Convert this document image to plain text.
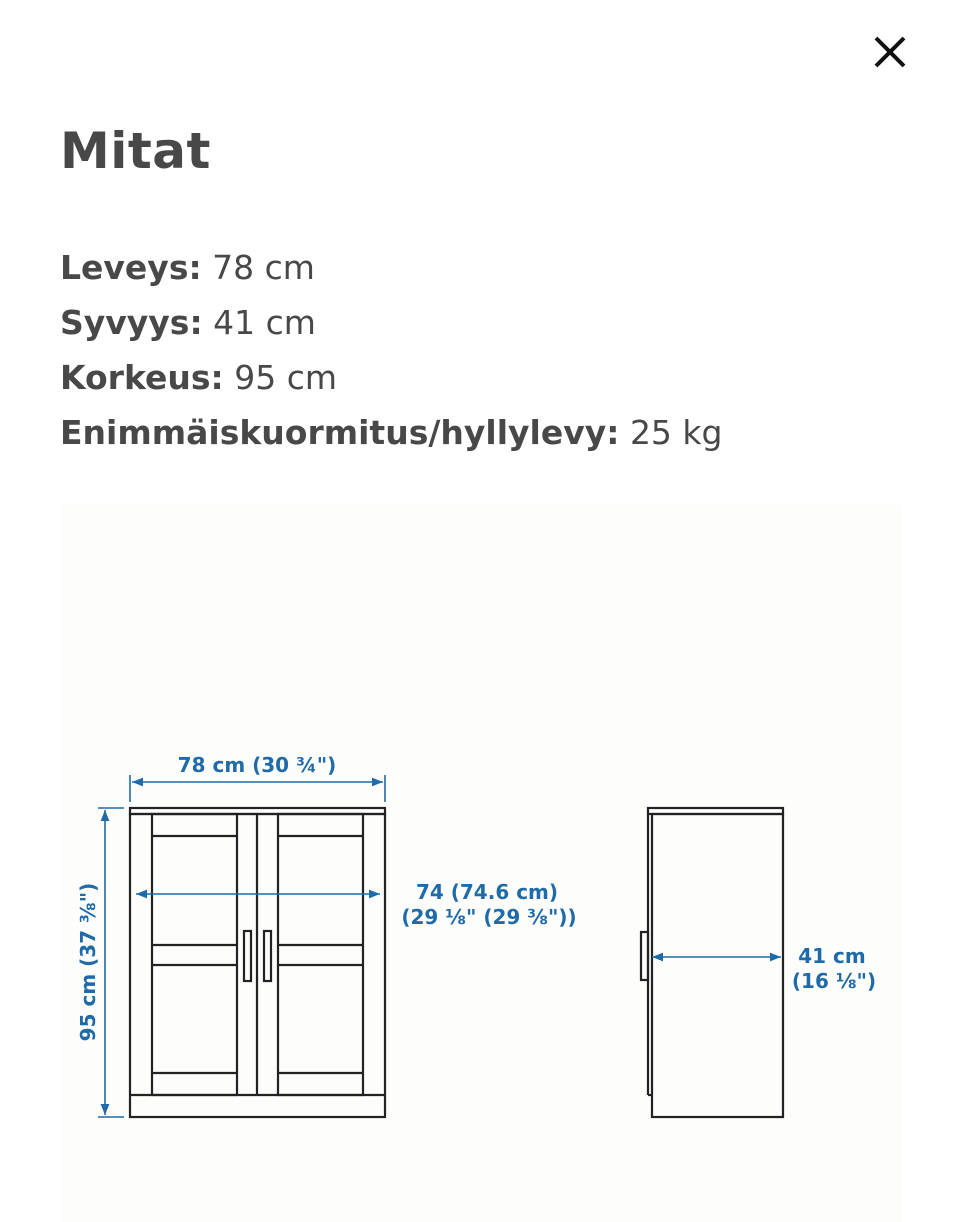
Mitat
Leveys: 78 cm
Syvyys: 41 cm
Korkeus: 95 cm
Enimmäiskuormitus/hyllylevy: 25 kg
78 cm (30 ¾")
95 cm (37 ⅜")	74 (74.6 cm)
(29 ⅛" (29 ⅜"))
41 cm
(16 ⅛")
